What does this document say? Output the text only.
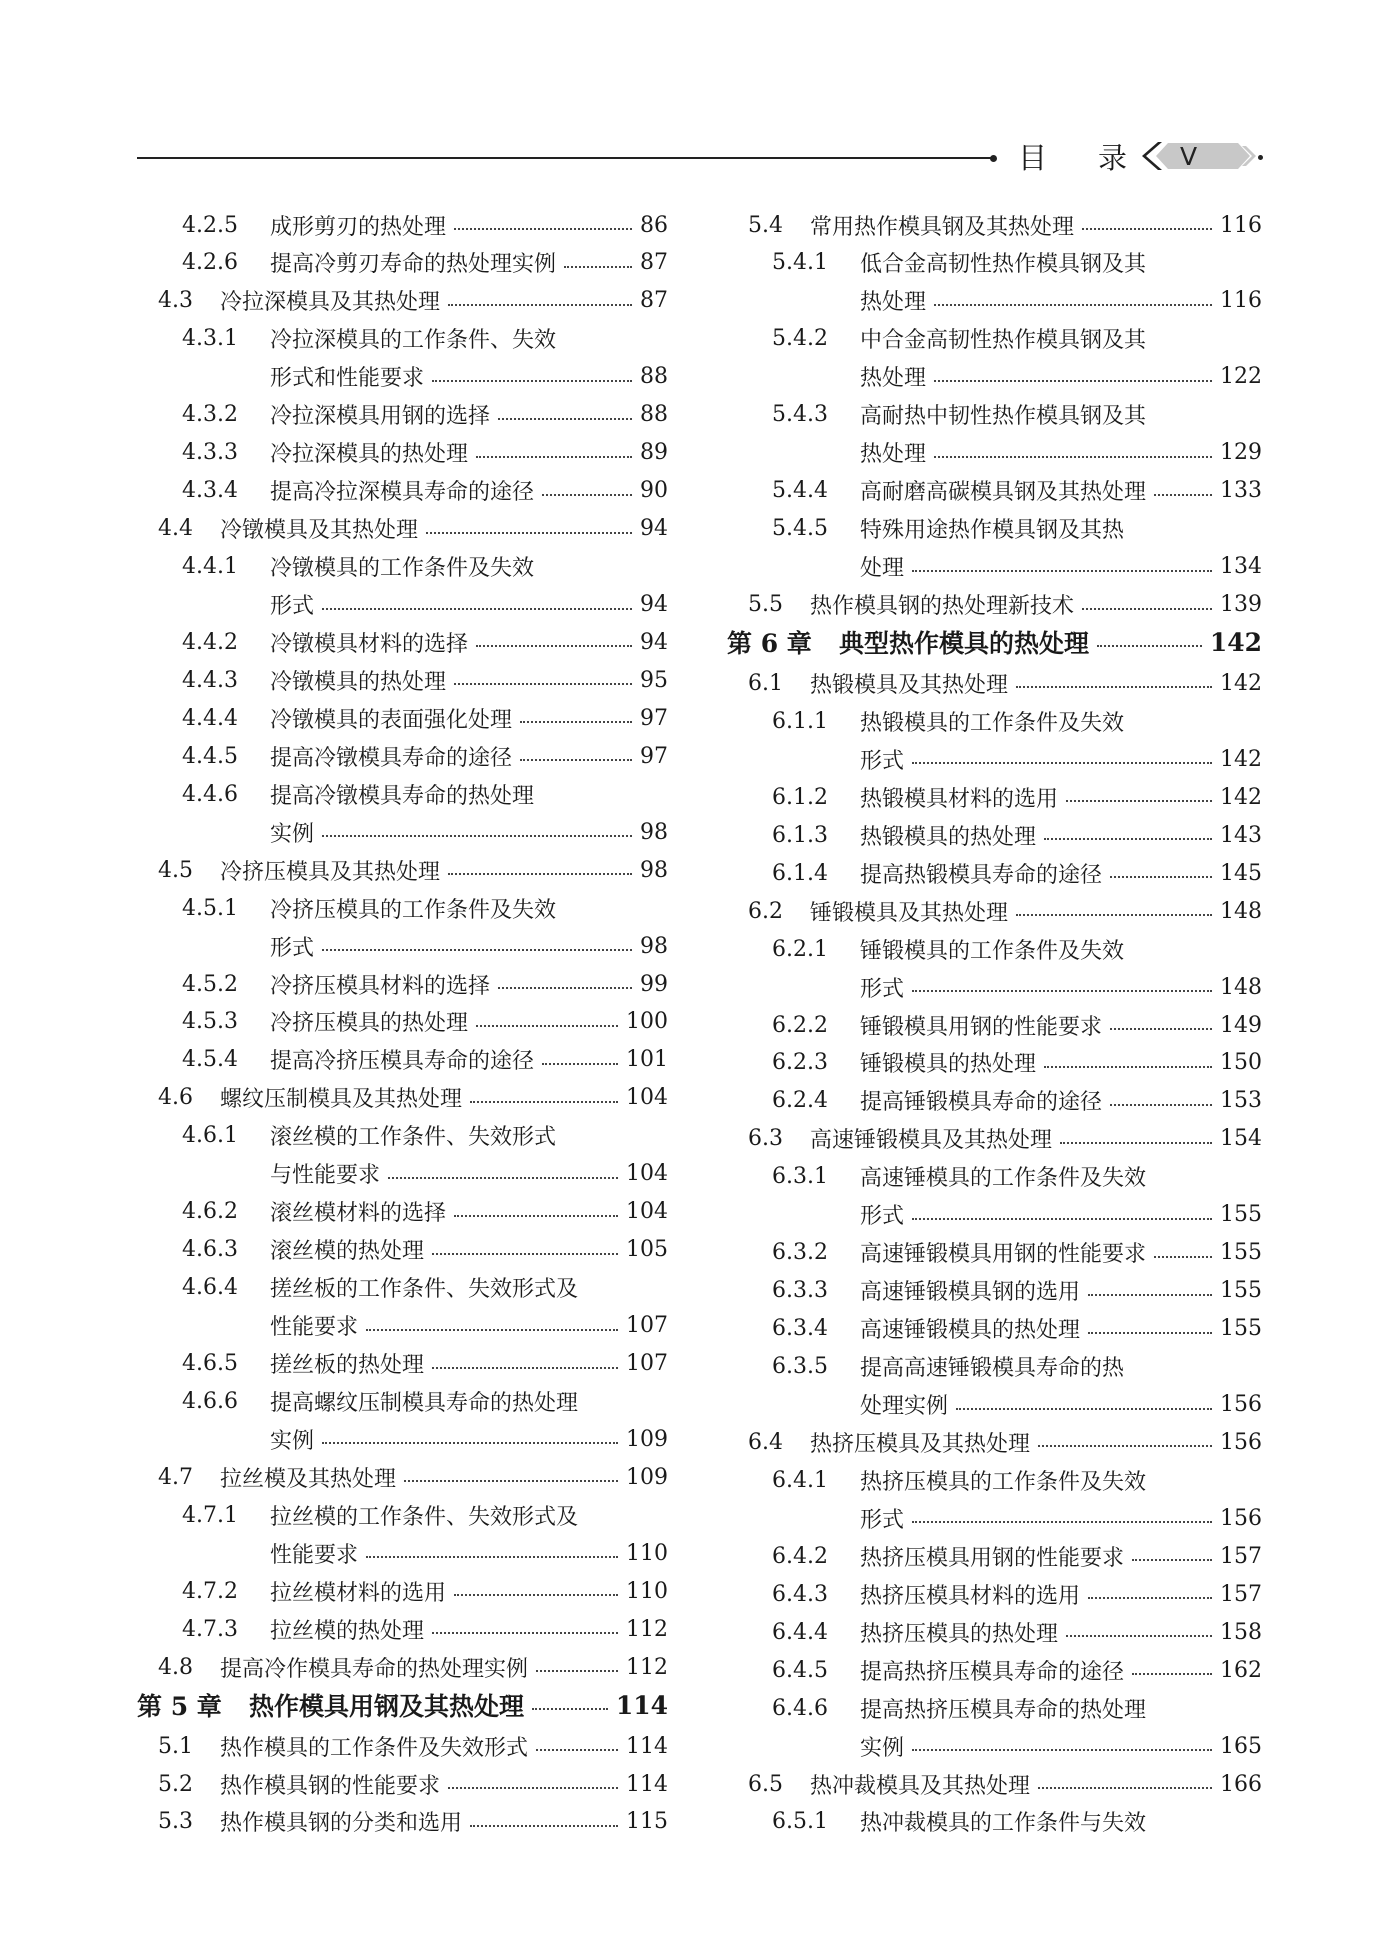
目 录 V
4.2.5	成形剪刃的热处理	86
4.2.6	提高冷剪刃寿命的热处理实例	87
4.3	冷拉深模具及其热处理	87
4.3.1	冷拉深模具的工作条件、失效
形式和性能要求	88
4.3.2	冷拉深模具用钢的选择	88
4.3.3	冷拉深模具的热处理	89
4.3.4	提高冷拉深模具寿命的途径	90
4.4	冷镦模具及其热处理	94
4.4.1	冷镦模具的工作条件及失效
形式	94
4.4.2	冷镦模具材料的选择	94
4.4.3	冷镦模具的热处理	95
4.4.4	冷镦模具的表面强化处理	97
4.4.5	提高冷镦模具寿命的途径	97
4.4.6	提高冷镦模具寿命的热处理
实例	98
4.5	冷挤压模具及其热处理	98
4.5.1	冷挤压模具的工作条件及失效
形式	98
4.5.2	冷挤压模具材料的选择	99
4.5.3	冷挤压模具的热处理	100
4.5.4	提高冷挤压模具寿命的途径	101
4.6	螺纹压制模具及其热处理	104
4.6.1	滚丝模的工作条件、失效形式
与性能要求	104
4.6.2	滚丝模材料的选择	104
4.6.3	滚丝模的热处理	105
4.6.4	搓丝板的工作条件、失效形式及
性能要求	107
4.6.5	搓丝板的热处理	107
4.6.6	提高螺纹压制模具寿命的热处理
实例	109
4.7	拉丝模及其热处理	109
4.7.1	拉丝模的工作条件、失效形式及
性能要求	110
4.7.2	拉丝模材料的选用	110
4.7.3	拉丝模的热处理	112
4.8	提高冷作模具寿命的热处理实例	112
第 5 章	热作模具用钢及其热处理	114
5.1	热作模具的工作条件及失效形式	114
5.2	热作模具钢的性能要求	114
5.3	热作模具钢的分类和选用	115
5.4	常用热作模具钢及其热处理	116
5.4.1	低合金高韧性热作模具钢及其
热处理	116
5.4.2	中合金高韧性热作模具钢及其
热处理	122
5.4.3	高耐热中韧性热作模具钢及其
热处理	129
5.4.4	高耐磨高碳模具钢及其热处理	133
5.4.5	特殊用途热作模具钢及其热
处理	134
5.5	热作模具钢的热处理新技术	139
第 6 章	典型热作模具的热处理	142
6.1	热锻模具及其热处理	142
6.1.1	热锻模具的工作条件及失效
形式	142
6.1.2	热锻模具材料的选用	142
6.1.3	热锻模具的热处理	143
6.1.4	提高热锻模具寿命的途径	145
6.2	锤锻模具及其热处理	148
6.2.1	锤锻模具的工作条件及失效
形式	148
6.2.2	锤锻模具用钢的性能要求	149
6.2.3	锤锻模具的热处理	150
6.2.4	提高锤锻模具寿命的途径	153
6.3	高速锤锻模具及其热处理	154
6.3.1	高速锤模具的工作条件及失效
形式	155
6.3.2	高速锤锻模具用钢的性能要求	155
6.3.3	高速锤锻模具钢的选用	155
6.3.4	高速锤锻模具的热处理	155
6.3.5	提高高速锤锻模具寿命的热
处理实例	156
6.4	热挤压模具及其热处理	156
6.4.1	热挤压模具的工作条件及失效
形式	156
6.4.2	热挤压模具用钢的性能要求	157
6.4.3	热挤压模具材料的选用	157
6.4.4	热挤压模具的热处理	158
6.4.5	提高热挤压模具寿命的途径	162
6.4.6	提高热挤压模具寿命的热处理
实例	165
6.5	热冲裁模具及其热处理	166
6.5.1	热冲裁模具的工作条件与失效
